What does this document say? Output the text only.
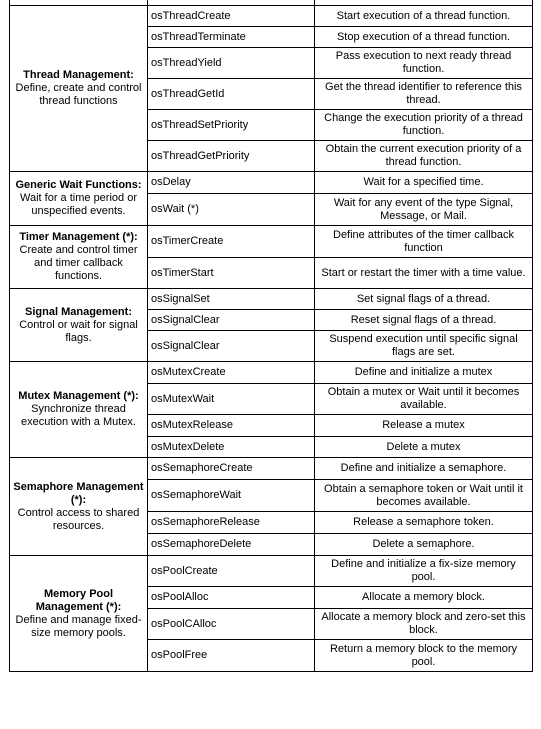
Thread Management:
Define, create and control thread functions	osThreadCreate	Start execution of a thread function.
	osThreadTerminate	Stop execution of a thread function.
	osThreadYield	Pass execution to next ready thread function.
	osThreadGetId	Get the thread identifier to reference this thread.
	osThreadSetPriority	Change the execution priority of a thread function.
	osThreadGetPriority	Obtain the current execution priority of a thread function.

Generic Wait Functions:
Wait for a time period or unspecified events.	osDelay	Wait for a specified time.
	osWait (*)	Wait for any event of the type Signal, Message, or Mail.

Timer Management (*):
Create and control timer and timer callback functions.	osTimerCreate	Define attributes of the timer callback function
	osTimerStart	Start or restart the timer with a time value.

Signal Management:
Control or wait for signal flags.	osSignalSet	Set signal flags of a thread.
	osSignalClear	Reset signal flags of a thread.
	osSignalClear	Suspend execution until specific signal flags are set.

Mutex Management (*):
Synchronize thread execution with a Mutex.	osMutexCreate	Define and initialize a mutex
	osMutexWait	Obtain a mutex or Wait until it becomes available.
	osMutexRelease	Release a mutex
	osMutexDelete	Delete a mutex

Semaphore Management (*):
Control access to shared resources.	osSemaphoreCreate	Define and initialize a semaphore.
	osSemaphoreWait	Obtain a semaphore token or Wait until it becomes available.
	osSemaphoreRelease	Release a semaphore token.
	osSemaphoreDelete	Delete a semaphore.

Memory Pool Management (*):
Define and manage fixed-size memory pools.	osPoolCreate	Define and initialize a fix-size memory pool.
	osPoolAlloc	Allocate a memory block.
	osPoolCAlloc	Allocate a memory block and zero-set this block.
	osPoolFree	Return a memory block to the memory pool.
